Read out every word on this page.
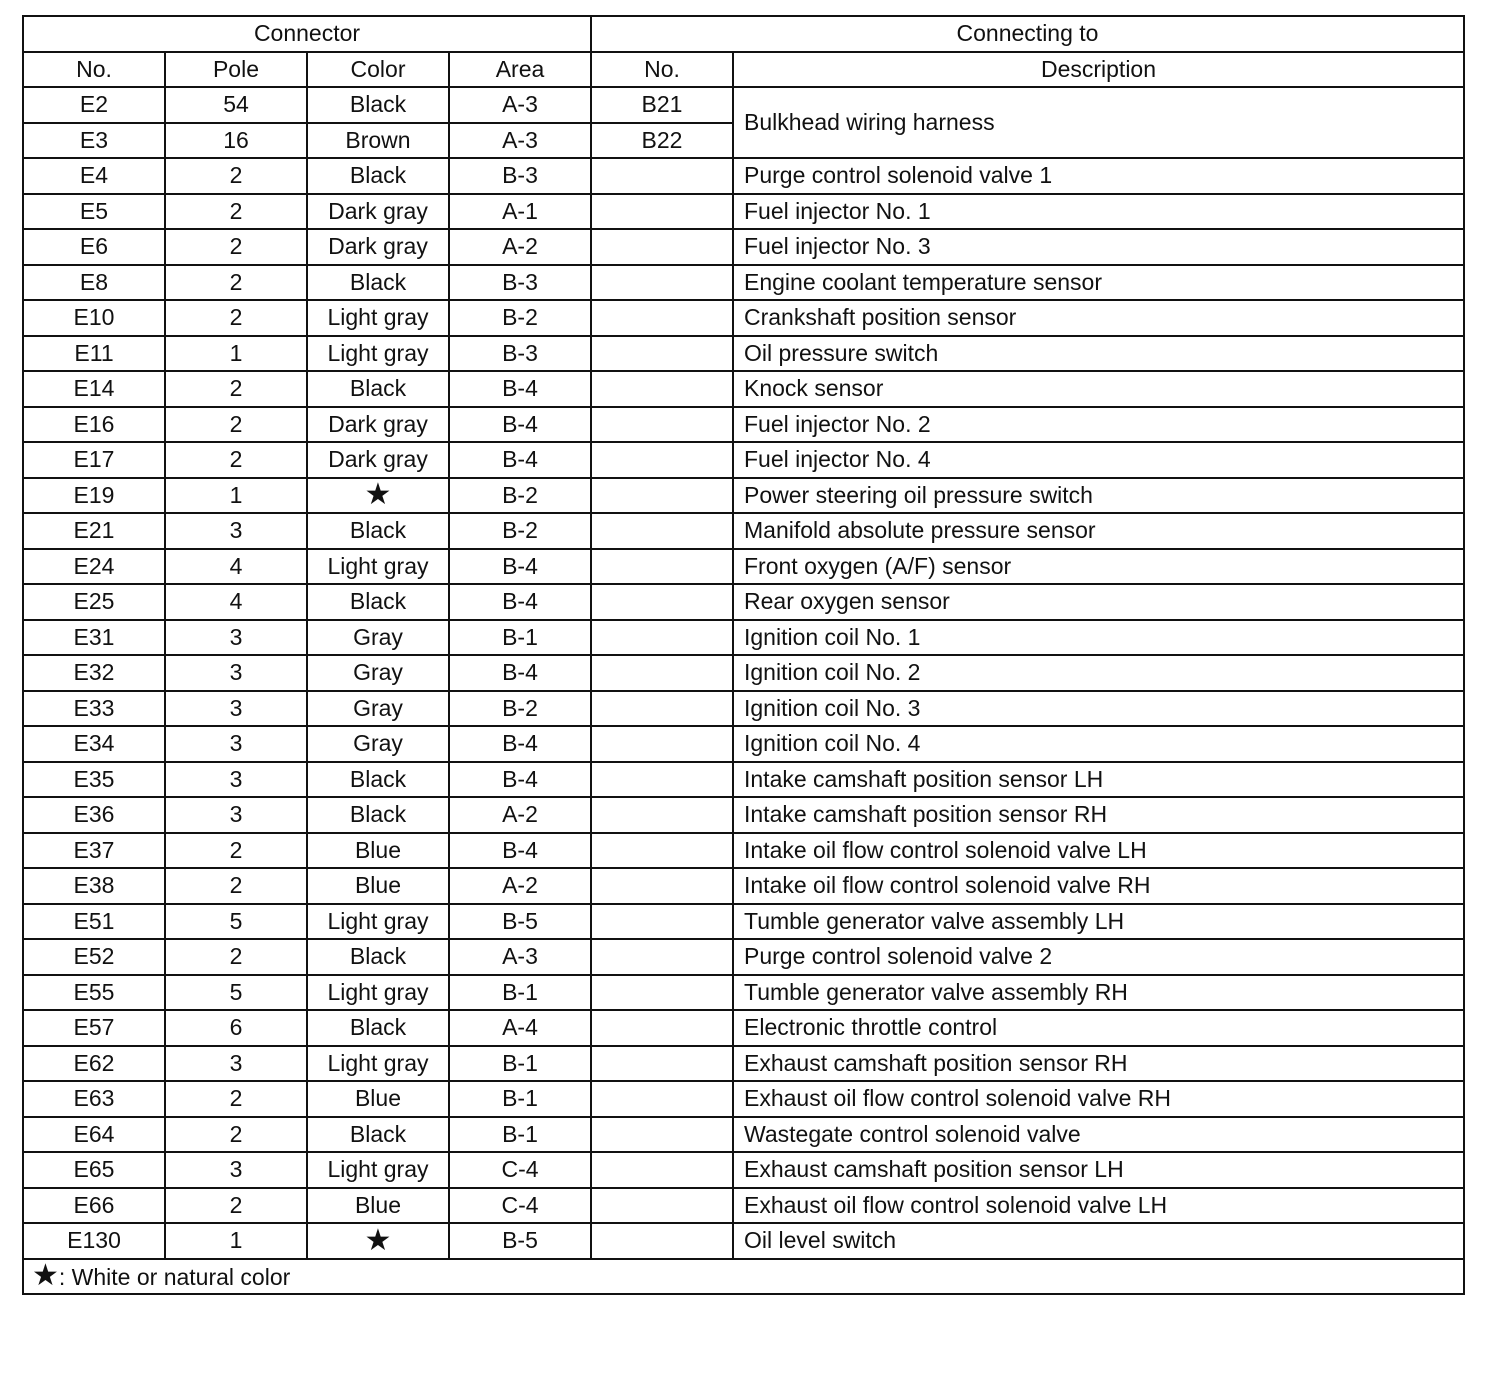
Connector				Connecting to	
No.	Pole	Color	Area	No.	Description
E2	54	Black	A-3	B21	Bulkhead wiring harness
E3	16	Brown	A-3	B22	
E4	2	Black	B-3		Purge control solenoid valve 1
E5	2	Dark gray	A-1		Fuel injector No. 1
E6	2	Dark gray	A-2		Fuel injector No. 3
E8	2	Black	B-3		Engine coolant temperature sensor
E10	2	Light gray	B-2		Crankshaft position sensor
E11	1	Light gray	B-3		Oil pressure switch
E14	2	Black	B-4		Knock sensor
E16	2	Dark gray	B-4		Fuel injector No. 2
E17	2	Dark gray	B-4		Fuel injector No. 4
E19	1	★	B-2		Power steering oil pressure switch
E21	3	Black	B-2		Manifold absolute pressure sensor
E24	4	Light gray	B-4		Front oxygen (A/F) sensor
E25	4	Black	B-4		Rear oxygen sensor
E31	3	Gray	B-1		Ignition coil No. 1
E32	3	Gray	B-4		Ignition coil No. 2
E33	3	Gray	B-2		Ignition coil No. 3
E34	3	Gray	B-4		Ignition coil No. 4
E35	3	Black	B-4		Intake camshaft position sensor LH
E36	3	Black	A-2		Intake camshaft position sensor RH
E37	2	Blue	B-4		Intake oil flow control solenoid valve LH
E38	2	Blue	A-2		Intake oil flow control solenoid valve RH
E51	5	Light gray	B-5		Tumble generator valve assembly LH
E52	2	Black	A-3		Purge control solenoid valve 2
E55	5	Light gray	B-1		Tumble generator valve assembly RH
E57	6	Black	A-4		Electronic throttle control
E62	3	Light gray	B-1		Exhaust camshaft position sensor RH
E63	2	Blue	B-1		Exhaust oil flow control solenoid valve RH
E64	2	Black	B-1		Wastegate control solenoid valve
E65	3	Light gray	C-4		Exhaust camshaft position sensor LH
E66	2	Blue	C-4		Exhaust oil flow control solenoid valve LH
E130	1	★	B-5		Oil level switch
★: White or natural color					
